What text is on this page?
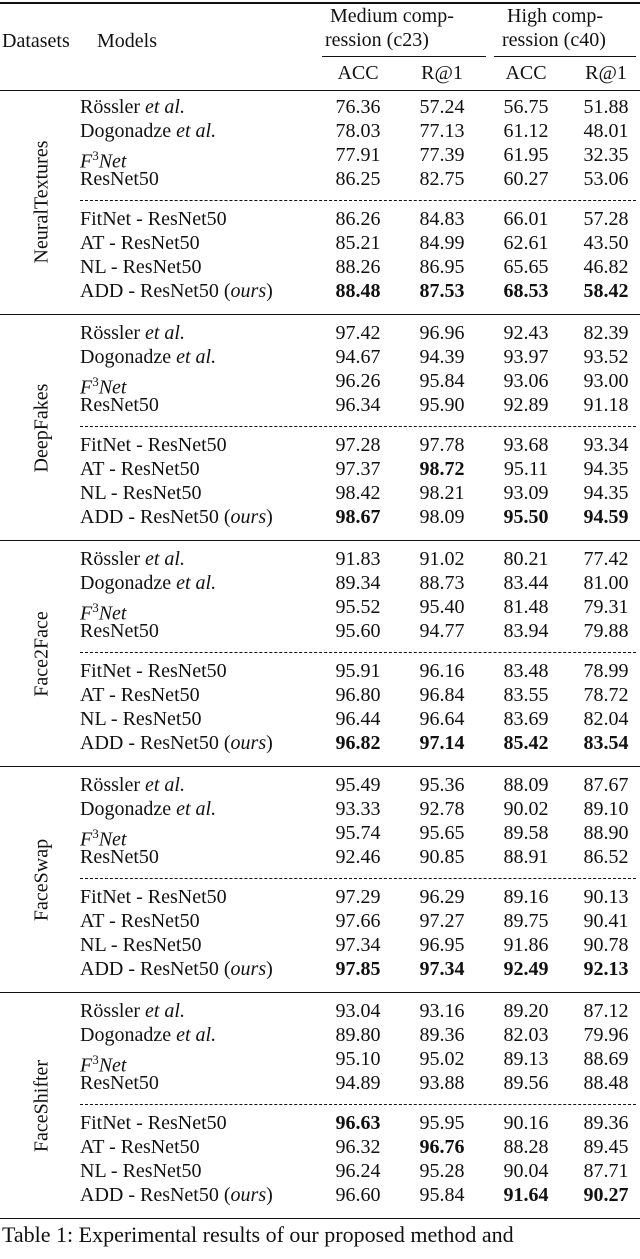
Datasets Models
Medium comp-
ression (c23)
High comp-
ression (c40)
ACC	R@1	ACC	R@1
NeuralTextures
Rössler et al.	76.36	57.24	56.75	51.88
Dogonadze et al.	78.03	77.13	61.12	48.01
$F^3Net$	77.91	77.39	61.95	32.35
ResNet50	86.25	82.75	60.27	53.06
FitNet - ResNet50	86.26	84.83	66.01	57.28
AT - ResNet50	85.21	84.99	62.61	43.50
NL - ResNet50	88.26	86.95	65.65	46.82
ADD - ResNet50 (ours)	88.48	87.53	68.53	58.42
DeepFakes
Rössler et al.	97.42	96.96	92.43	82.39
Dogonadze et al.	94.67	94.39	93.97	93.52
$F^3Net$	96.26	95.84	93.06	93.00
ResNet50	96.34	95.90	92.89	91.18
FitNet - ResNet50	97.28	97.78	93.68	93.34
AT - ResNet50	97.37	98.72	95.11	94.35
NL - ResNet50	98.42	98.21	93.09	94.35
ADD - ResNet50 (ours)	98.67	98.09	95.50	94.59
Face2Face
Rössler et al.	91.83	91.02	80.21	77.42
Dogonadze et al.	89.34	88.73	83.44	81.00
$F^3Net$	95.52	95.40	81.48	79.31
ResNet50	95.60	94.77	83.94	79.88
FitNet - ResNet50	95.91	96.16	83.48	78.99
AT - ResNet50	96.80	96.84	83.55	78.72
NL - ResNet50	96.44	96.64	83.69	82.04
ADD - ResNet50 (ours)	96.82	97.14	85.42	83.54
FaceSwap
Rössler et al.	95.49	95.36	88.09	87.67
Dogonadze et al.	93.33	92.78	90.02	89.10
$F^3Net$	95.74	95.65	89.58	88.90
ResNet50	92.46	90.85	88.91	86.52
FitNet - ResNet50	97.29	96.29	89.16	90.13
AT - ResNet50	97.66	97.27	89.75	90.41
NL - ResNet50	97.34	96.95	91.86	90.78
ADD - ResNet50 (ours)	97.85	97.34	92.49	92.13
FaceShifter
Rössler et al.	93.04	93.16	89.20	87.12
Dogonadze et al.	89.80	89.36	82.03	79.96
$F^3Net$	95.10	95.02	89.13	88.69
ResNet50	94.89	93.88	89.56	88.48
FitNet - ResNet50	96.63	95.95	90.16	89.36
AT - ResNet50	96.32	96.76	88.28	89.45
NL - ResNet50	96.24	95.28	90.04	87.71
ADD - ResNet50 (ours)	96.60	95.84	91.64	90.27
Table 1: Experimental results of our proposed method and
